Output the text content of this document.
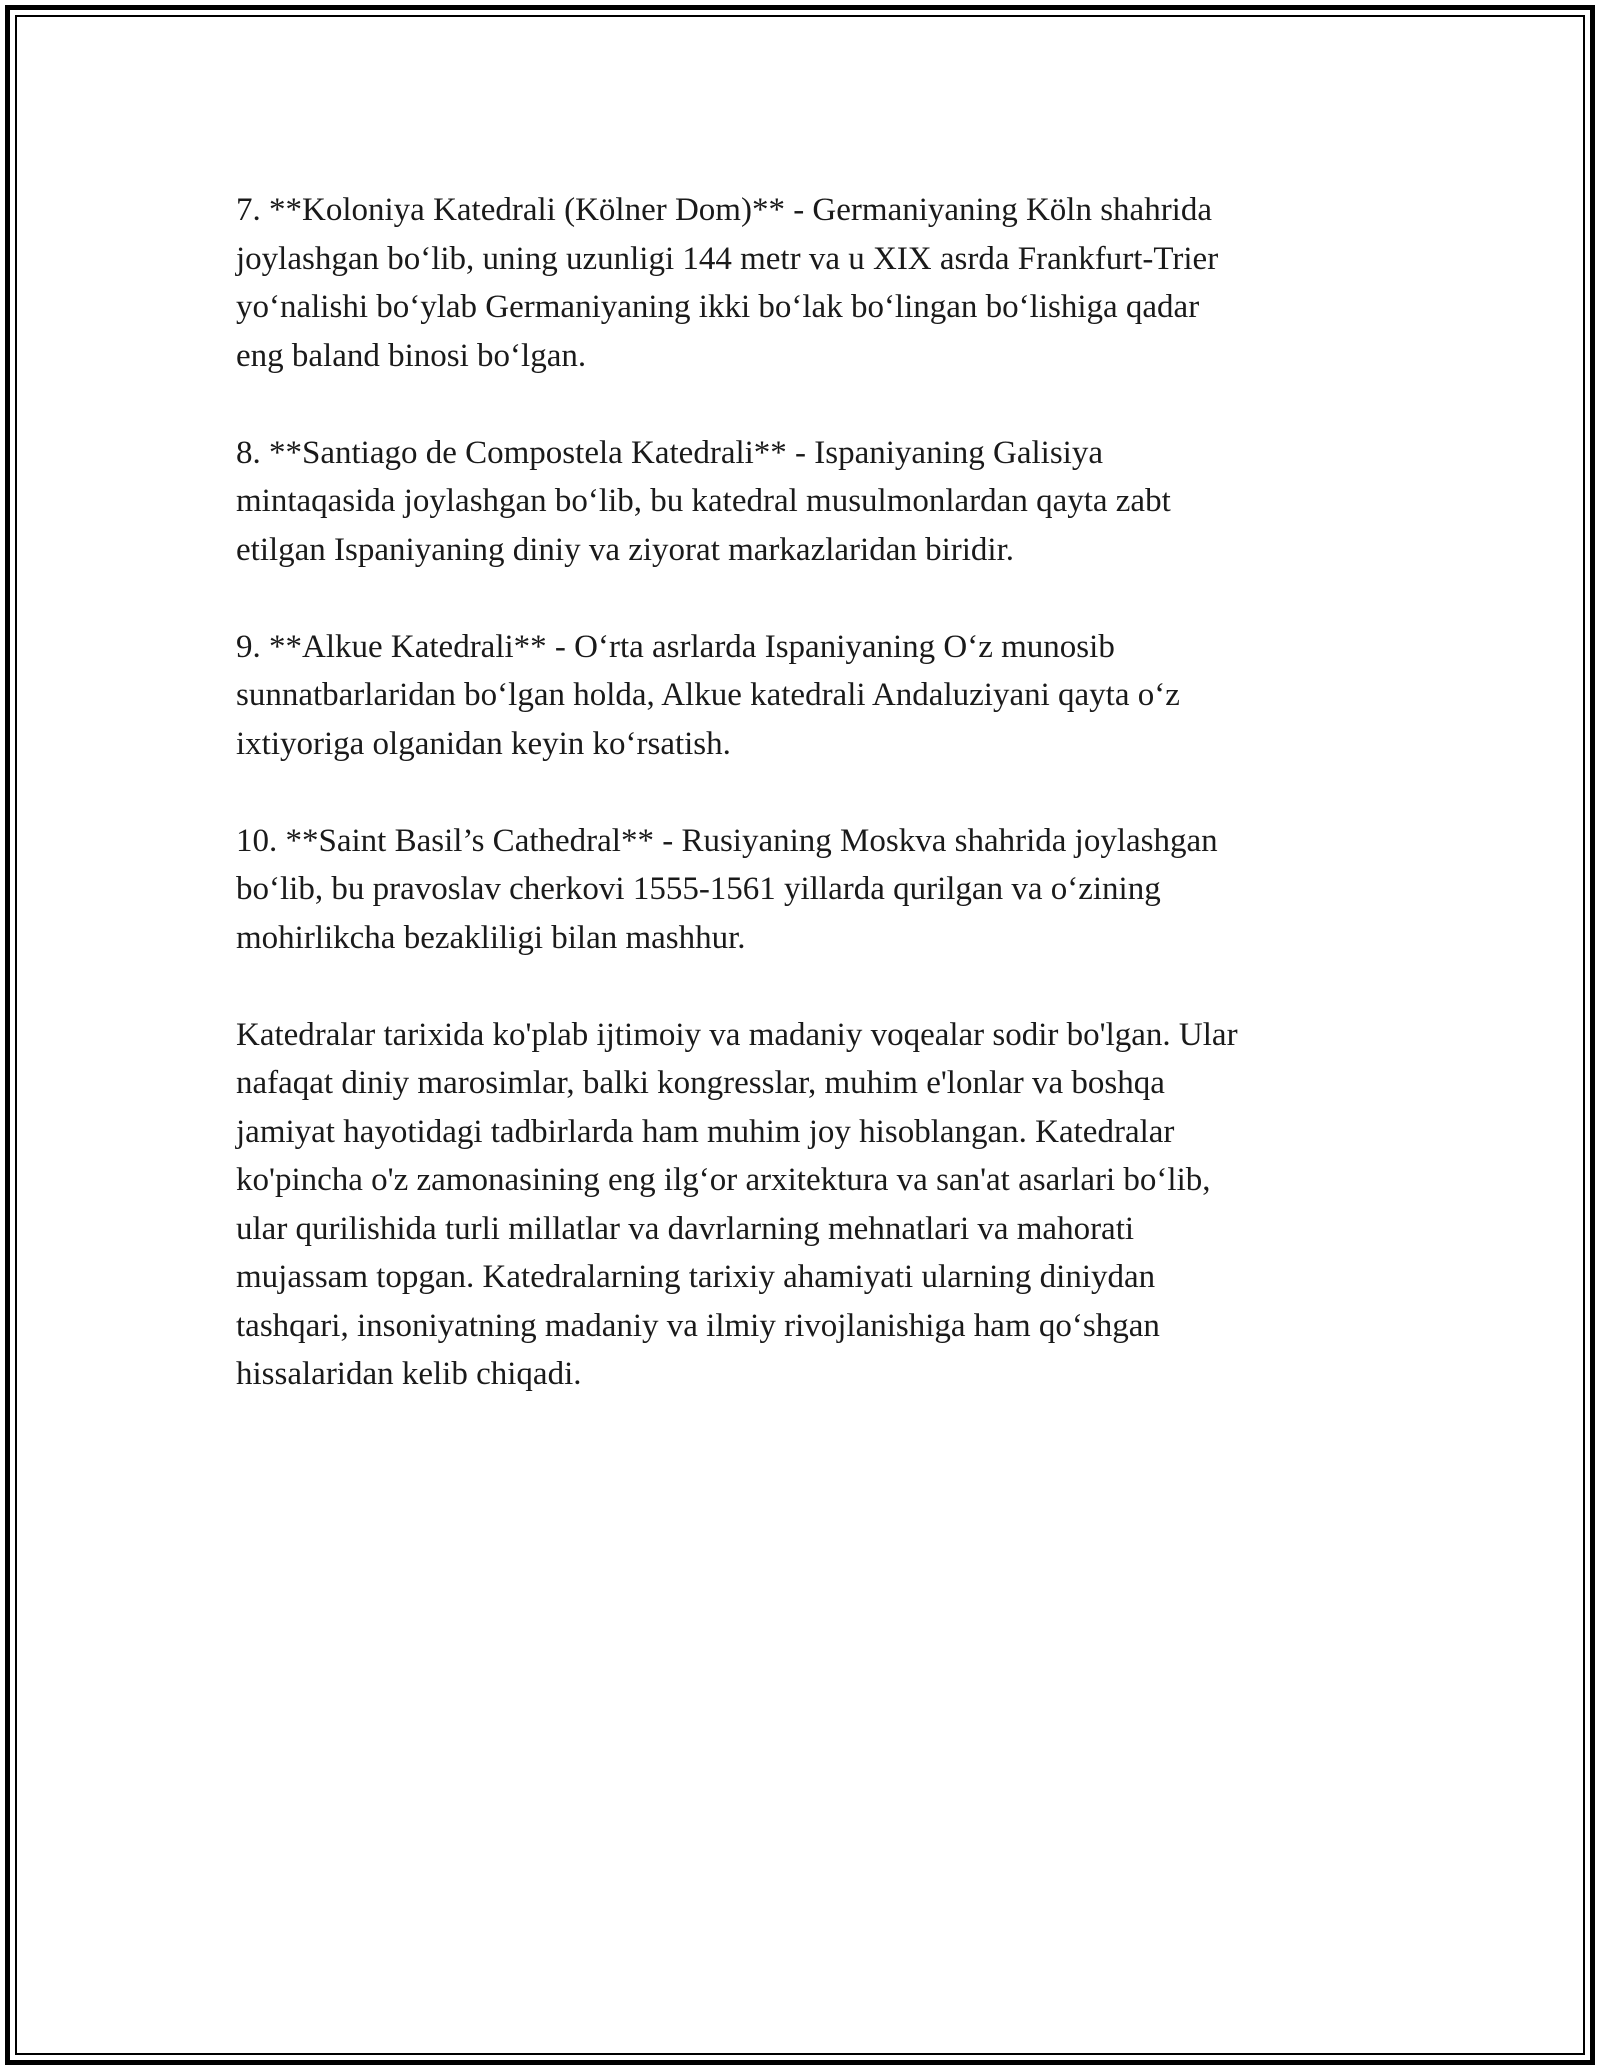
7. **Koloniya Katedrali (Kölner Dom)** - Germaniyaning Köln shahrida
joylashgan bo‘lib, uning uzunligi 144 metr va u XIX asrda Frankfurt-Trier
yo‘nalishi bo‘ylab Germaniyaning ikki bo‘lak bo‘lingan bo‘lishiga qadar
eng baland binosi bo‘lgan.

8. **Santiago de Compostela Katedrali** - Ispaniyaning Galisiya
mintaqasida joylashgan bo‘lib, bu katedral musulmonlardan qayta zabt
etilgan Ispaniyaning diniy va ziyorat markazlaridan biridir.

9. **Alkue Katedrali** - O‘rta asrlarda Ispaniyaning O‘z munosib
sunnatbarlaridan bo‘lgan holda, Alkue katedrali Andaluziyani qayta o‘z
ixtiyoriga olganidan keyin ko‘rsatish.

10. **Saint Basil’s Cathedral** - Rusiyaning Moskva shahrida joylashgan
bo‘lib, bu pravoslav cherkovi 1555-1561 yillarda qurilgan va o‘zining
mohirlikcha bezakliligi bilan mashhur.

Katedralar tarixida ko'plab ijtimoiy va madaniy voqealar sodir bo'lgan. Ular
nafaqat diniy marosimlar, balki kongresslar, muhim e'lonlar va boshqa
jamiyat hayotidagi tadbirlarda ham muhim joy hisoblangan. Katedralar
ko'pincha o'z zamonasining eng ilg‘or arxitektura va san'at asarlari bo‘lib,
ular qurilishida turli millatlar va davrlarning mehnatlari va mahorati
mujassam topgan. Katedralarning tarixiy ahamiyati ularning diniydan
tashqari, insoniyatning madaniy va ilmiy rivojlanishiga ham qo‘shgan
hissalaridan kelib chiqadi.
